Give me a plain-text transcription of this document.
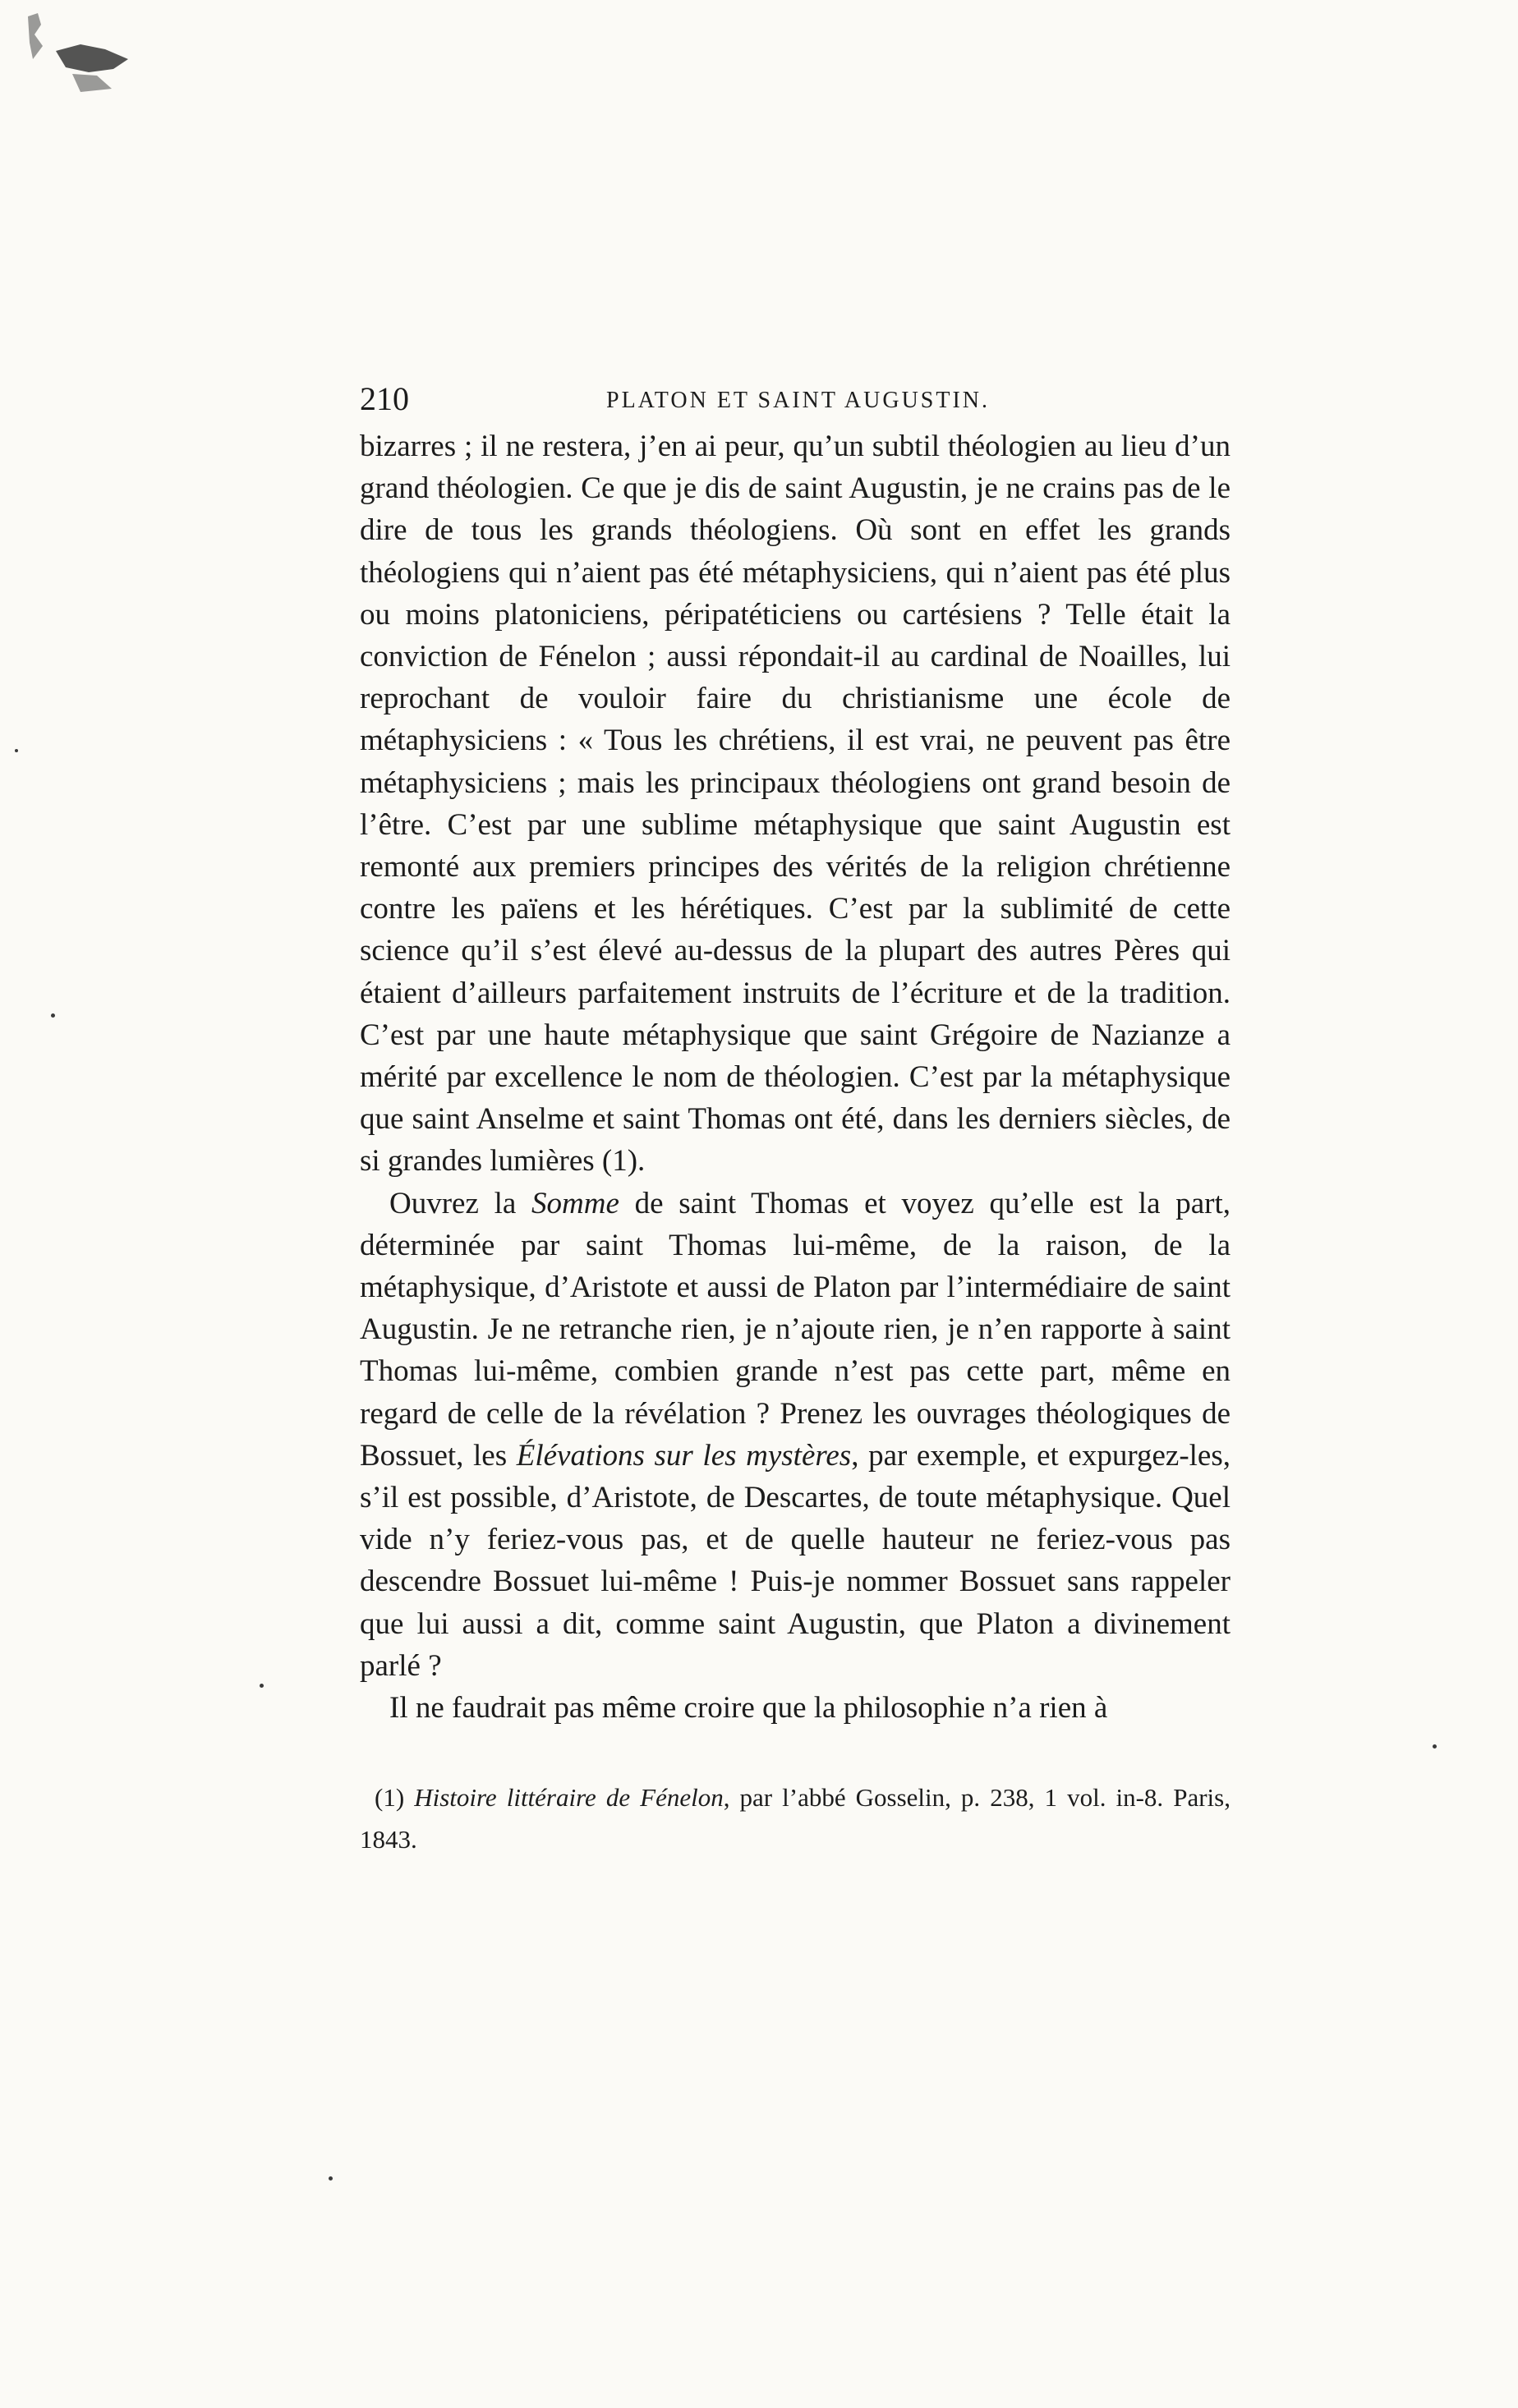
210	PLATON ET SAINT AUGUSTIN.

bizarres ; il ne restera, j’en ai peur, qu’un subtil théologien au lieu d’un grand théologien. Ce que je dis de saint Augustin, je ne crains pas de le dire de tous les grands théologiens. Où sont en effet les grands théologiens qui n’aient pas été métaphysiciens, qui n’aient pas été plus ou moins platoniciens, péripatéticiens ou cartésiens ? Telle était la conviction de Fénelon ; aussi répondait-il au cardinal de Noailles, lui reprochant de vouloir faire du christianisme une école de métaphysiciens : « Tous les chrétiens, il est vrai, ne peuvent pas être métaphysiciens ; mais les principaux théologiens ont grand besoin de l’être. C’est par une sublime métaphysique que saint Augustin est remonté aux premiers principes des vérités de la religion chrétienne contre les païens et les hérétiques. C’est par la sublimité de cette science qu’il s’est élevé au-dessus de la plupart des autres Pères qui étaient d’ailleurs parfaitement instruits de l’écriture et de la tradition. C’est par une haute métaphysique que saint Grégoire de Nazianze a mérité par excellence le nom de théologien. C’est par la métaphysique que saint Anselme et saint Thomas ont été, dans les derniers siècles, de si grandes lumières (1).

Ouvrez la Somme de saint Thomas et voyez qu’elle est la part, déterminée par saint Thomas lui-même, de la raison, de la métaphysique, d’Aristote et aussi de Platon par l’intermédiaire de saint Augustin. Je ne retranche rien, je n’ajoute rien, je n’en rapporte à saint Thomas lui-même, combien grande n’est pas cette part, même en regard de celle de la révélation ? Prenez les ouvrages théologiques de Bossuet, les Élévations sur les mystères, par exemple, et expurgez-les, s’il est possible, d’Aristote, de Descartes, de toute métaphysique. Quel vide n’y feriez-vous pas, et de quelle hauteur ne feriez-vous pas descendre Bossuet lui-même ! Puis-je nommer Bossuet sans rappeler que lui aussi a dit, comme saint Augustin, que Platon a divinement parlé ?

Il ne faudrait pas même croire que la philosophie n’a rien à

(1) Histoire littéraire de Fénelon, par l’abbé Gosselin, p. 238, 1 vol. in-8. Paris, 1843.
